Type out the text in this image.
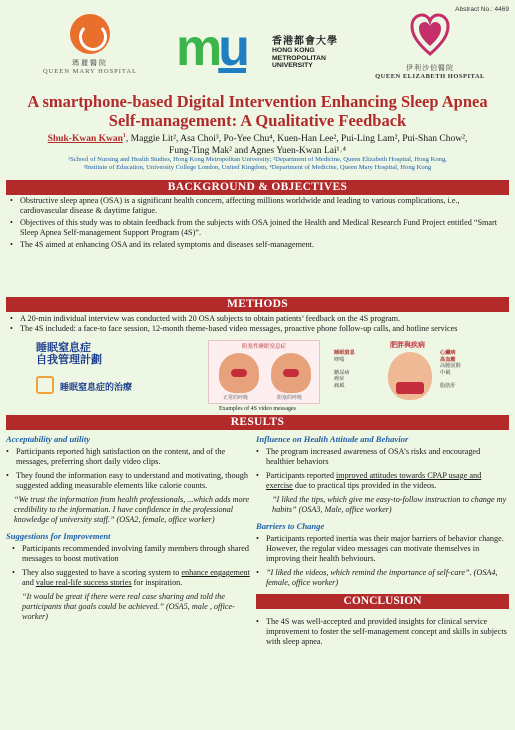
Abstract No.: 4469
瑪麗醫院
QUEEN MARY HOSPITAL mu	香港都會大學
HONG KONG
METROPOLITAN
UNIVERSITY	伊利沙伯醫院
QUEEN ELIZABETH HOSPITAL
A smartphone-based Digital Intervention Enhancing Sleep Apnea
Self-management: A Qualitative Feedback
Shuk-Kwan Kwan$^1$, Maggie Lit², Asa Choi³, Po-Yee Chu⁴, Kuen-Han Lee², Pui-Ling Lam², Pui-Shan Chow²,
Fung-Ting Mak² and Agnes Yuen-Kwan Lai¹˒⁴
¹School of Nursing and Health Studies, Hong Kong Metropolitan University; ²Department of Medicine, Queen Elizabeth Hospital, Hong Kong,
³Institute of Education, University College London, United Kingdom, ⁴Department of Medicine, Queen Mary Hospital, Hong Kong
BACKGROUND & OBJECTIVES
• Obstructive sleep apnea (OSA) is a significant health concern, affecting millions worldwide and leading to various complications, i.e., cardiovascular disease & daytime fatigue.
• Objectives of this study was to obtain feedback from the subjects with OSA joined the Health and Medical Research Fund Project entitled “Smart Sleep Apnea Self-management Support Program (4S)”.
• The 4S aimed at enhancing OSA and its related symptoms and diseases self-management.
METHODS
• A 20-min individual interview was conducted with 20 OSA subjects to obtain patients’ feedback on the 4S program.
• The 4S included: a face-to face session, 12-month theme-based video messages, proactive phone follow-up calls, and hotline services
睡眠窒息症
自我管理計劃
睡眠窒息症的治療
阻塞性睡眠窒息症
正常的呼吸	阻塞的呼吸
肥胖與疾病
睡眠窒息
哮喘

糖尿病
癌症
痛風
心臟病
高血壓
高膽固醇
中風

脂肪肝
Examples of 4S video messages
RESULTS
Acceptability and utility
• Participants reported high satisfaction on the content, and of the messages, preferring short daily video clips.
• They found the information easy to understand and motivating, though suggested adding measurable elements like calorie counts.
“We trust the information from health professionals, ...which adds more credibility to the information. I have confidence in the professional knowledge of university staff.” (OSA2, female, office worker)
Suggestions for Improvement
• Participants recommended involving family members through shared messages to boost motivation
• They also suggested to have a scoring system to enhance engagement and value real-life success stories for inspiration.
“It would be great if there were real case sharing and told the participants that goals could be achieved.” (OSA5, male , office-worker)
Influence on Health Attitude and Behavior
• The program increased awareness of OSA’s risks and encouraged healthier behaviors
• Participants reported improved attitudes towards CPAP usage and exercise due to practical tips provided in the videos.
”I liked the tips, which give me easy-to-follow instruction to change my habits” (OSA3, Male, office worker)
Barriers to Change
• Participants reported inertia was their major barriers of behavior change. However, the regular video messages can motivate themselves in improving their health behviours.
• ”I liked the videos, which remind the importance of self-care”. (OSA4, female, office worker)
CONCLUSION
• The 4S was well-accepted and provided insights for clinical service improvement to foster the self-management concept and skills in subjects with sleep apnea.
